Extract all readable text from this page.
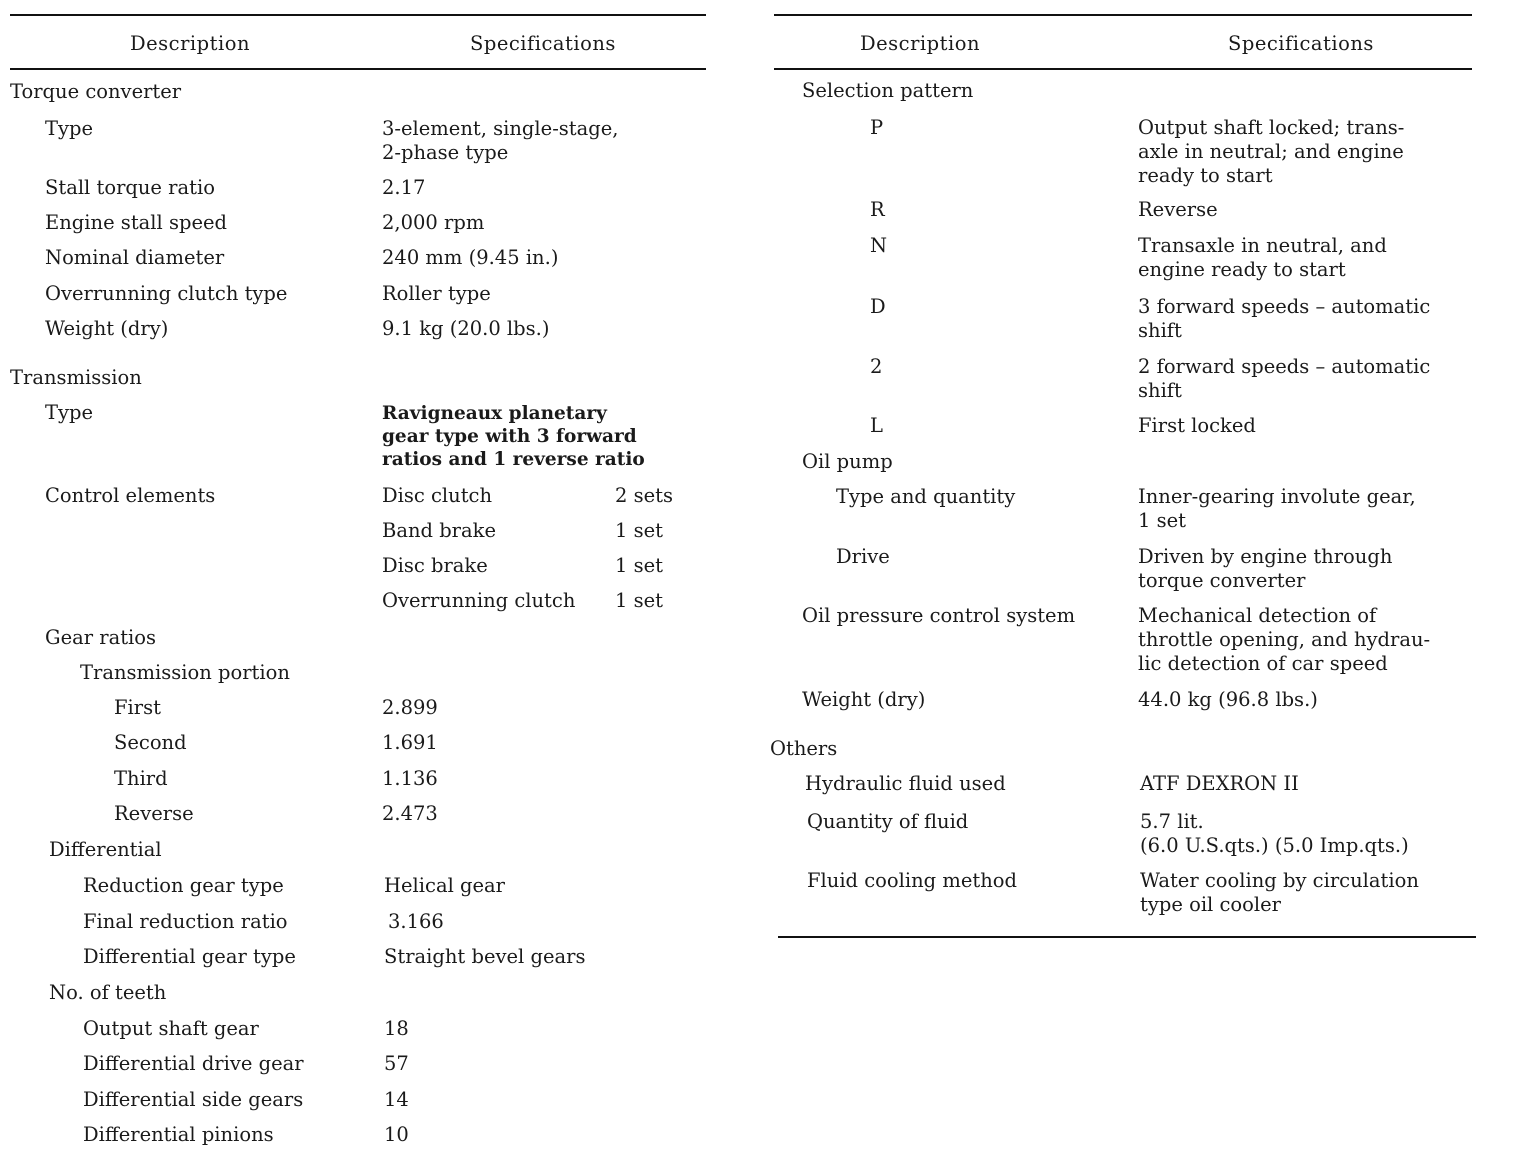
Description	Specifications
Torque converter
Type	3-element, single-stage,
2-phase type
Stall torque ratio	2.17
Engine stall speed	2,000 rpm
Nominal diameter	240 mm (9.45 in.)
Overrunning clutch type	Roller type
Weight (dry)	9.1 kg (20.0 lbs.)
Transmission
Type	Ravigneaux planetary
gear type with 3 forward
ratios and 1 reverse ratio
Control elements	Disc clutch	2 sets
Band brake	1 set
Disc brake	1 set
Overrunning clutch 1 set
Gear ratios
Transmission portion
First	2.899
Second	1.691
Third	1.136
Reverse	2.473
Differential
Reduction gear type	Helical gear
Final reduction ratio	3.166
Differential gear type	Straight bevel gears
No. of teeth
Output shaft gear	18
Differential drive gear	57
Differential side gears	14
Differential pinions	10
Description	Specifications
Selection pattern
P	Output shaft locked; trans-
axle in neutral; and engine
ready to start
R	Reverse
N	Transaxle in neutral, and
engine ready to start
D	3 forward speeds – automatic
shift
2	2 forward speeds – automatic
shift
L	First locked
Oil pump
Type and quantity	Inner-gearing involute gear,
1 set
Drive	Driven by engine through
torque converter
Oil pressure control system	Mechanical detection of
throttle opening, and hydrau-
lic detection of car speed
Weight (dry)	44.0 kg (96.8 lbs.)
Others
Hydraulic fluid used	ATF DEXRON II
Quantity of fluid	5.7 lit.
(6.0 U.S.qts.) (5.0 Imp.qts.)
Fluid cooling method	Water cooling by circulation
type oil cooler
